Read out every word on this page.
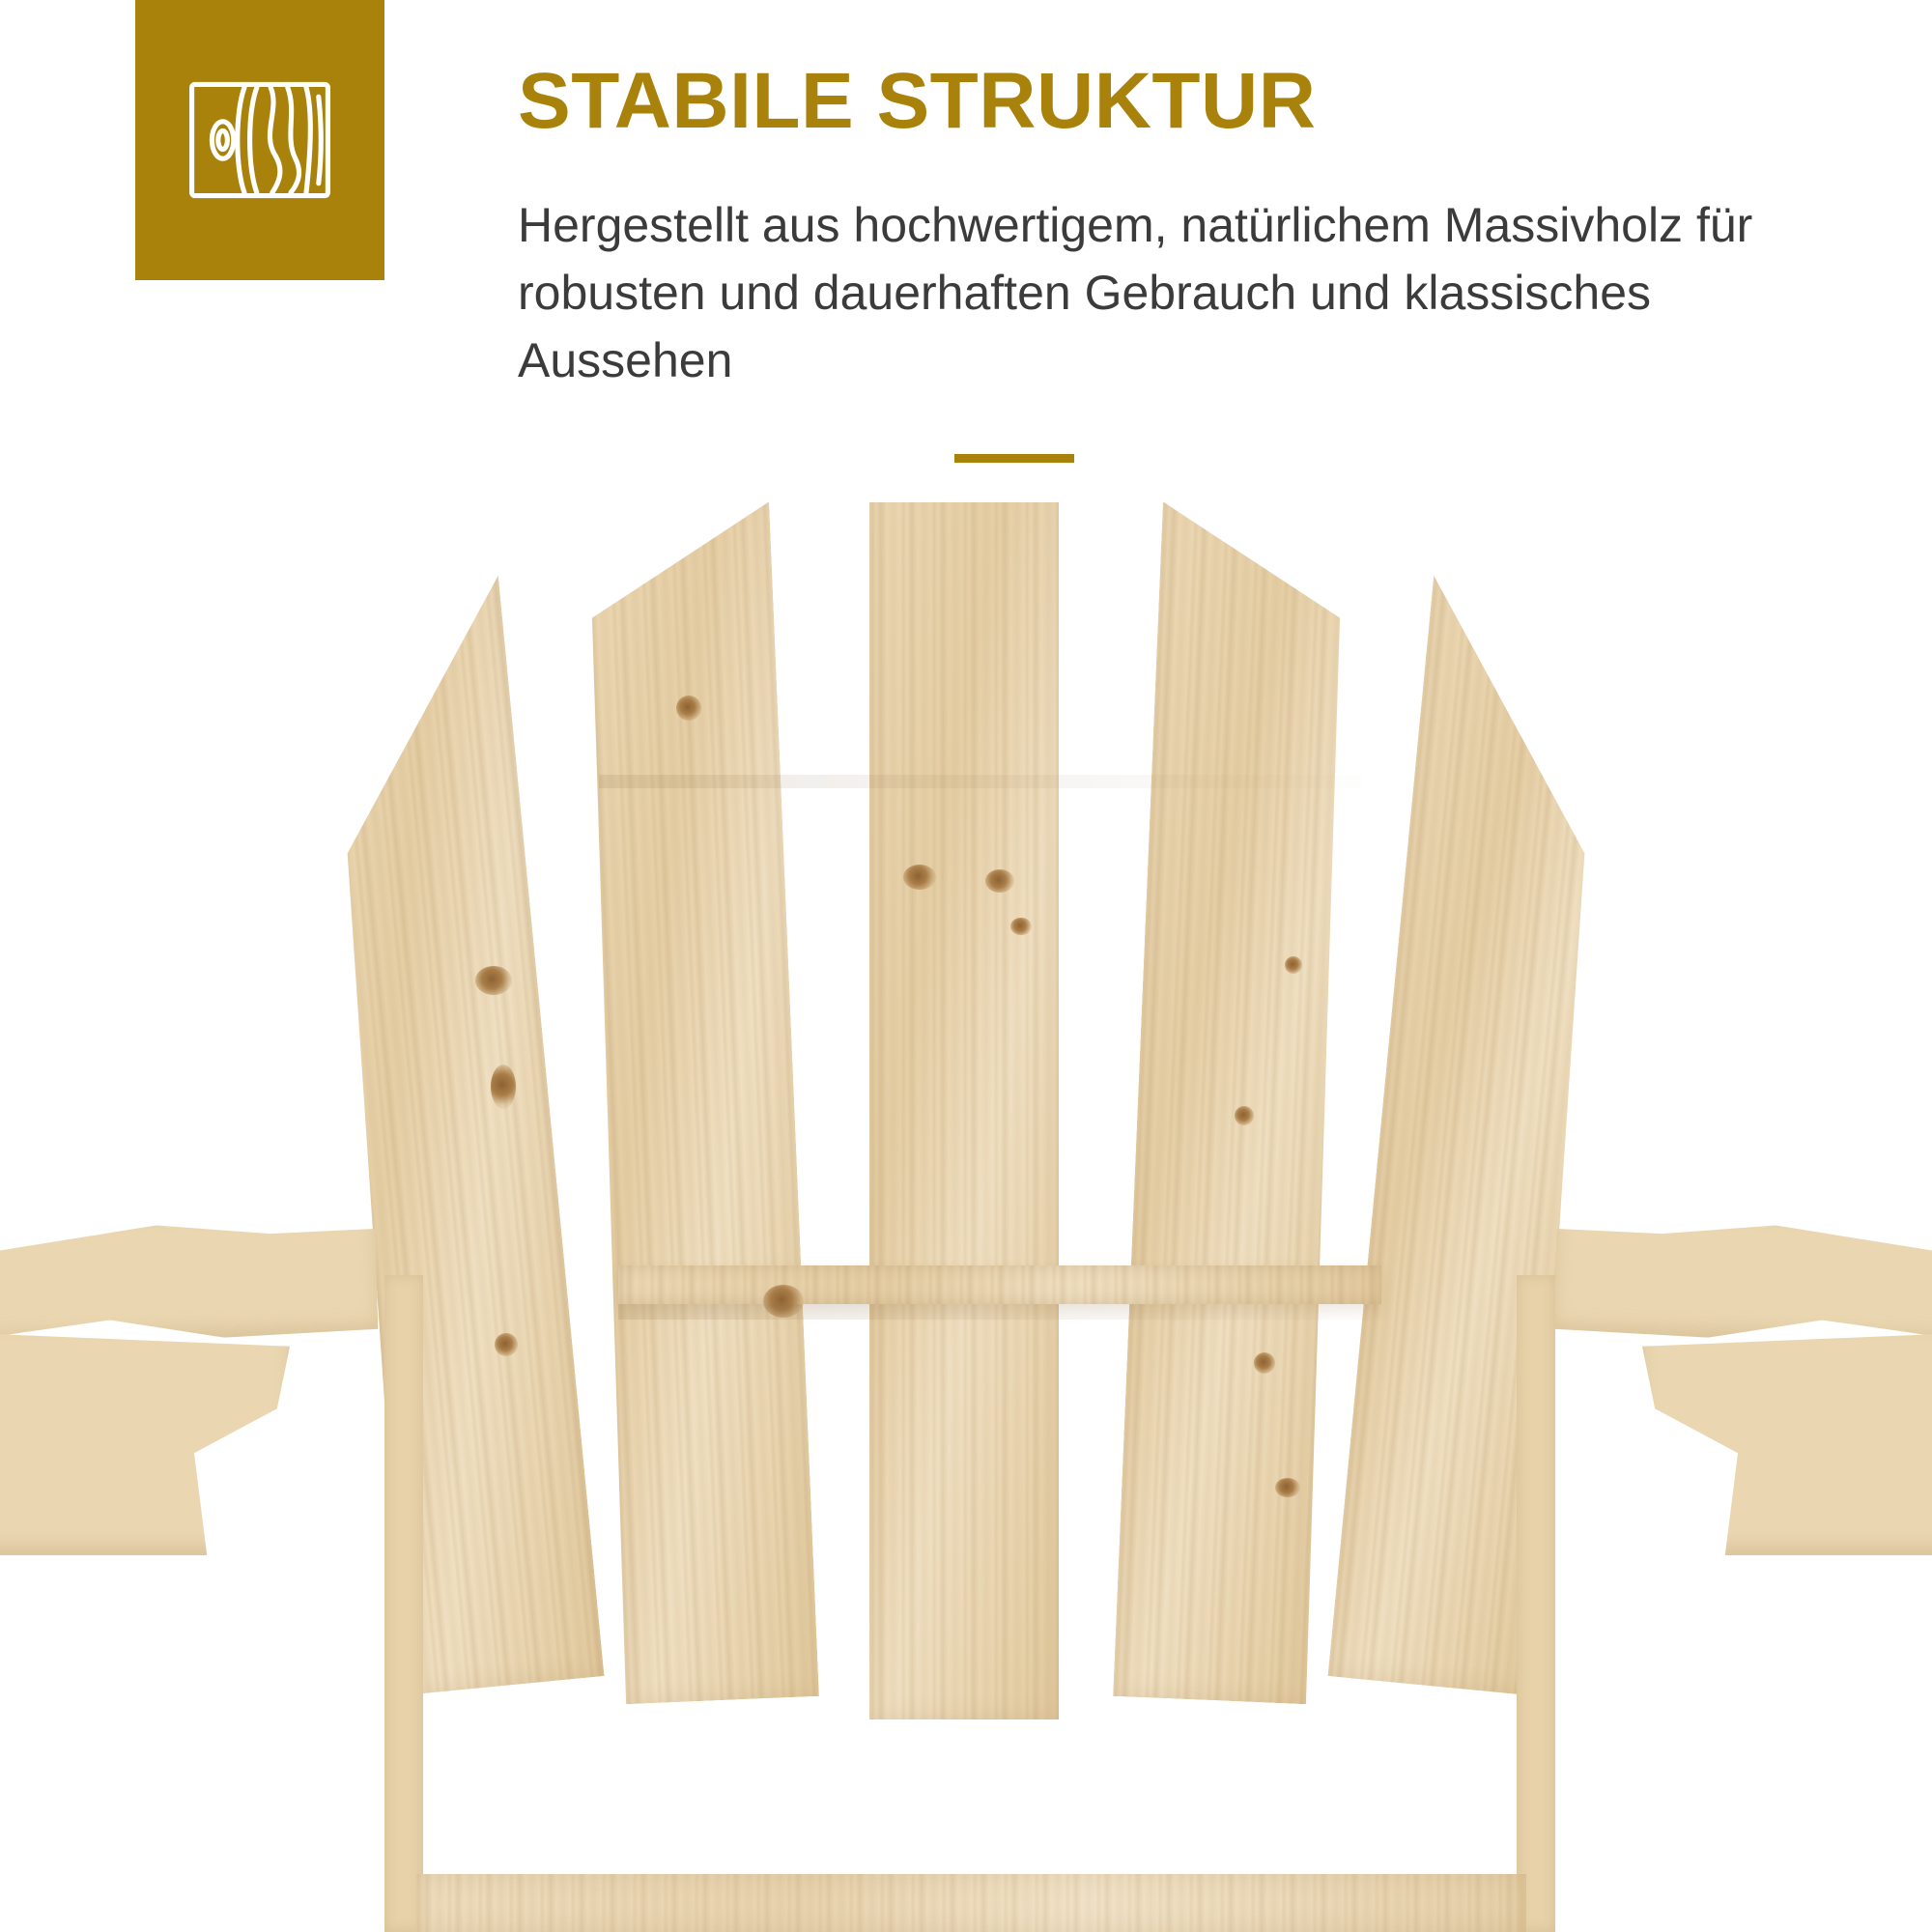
STABILE STRUKTUR
Hergestellt aus hochwertigem, natürlichem Massivholz für robusten und dauerhaften Gebrauch und klassisches Aussehen
